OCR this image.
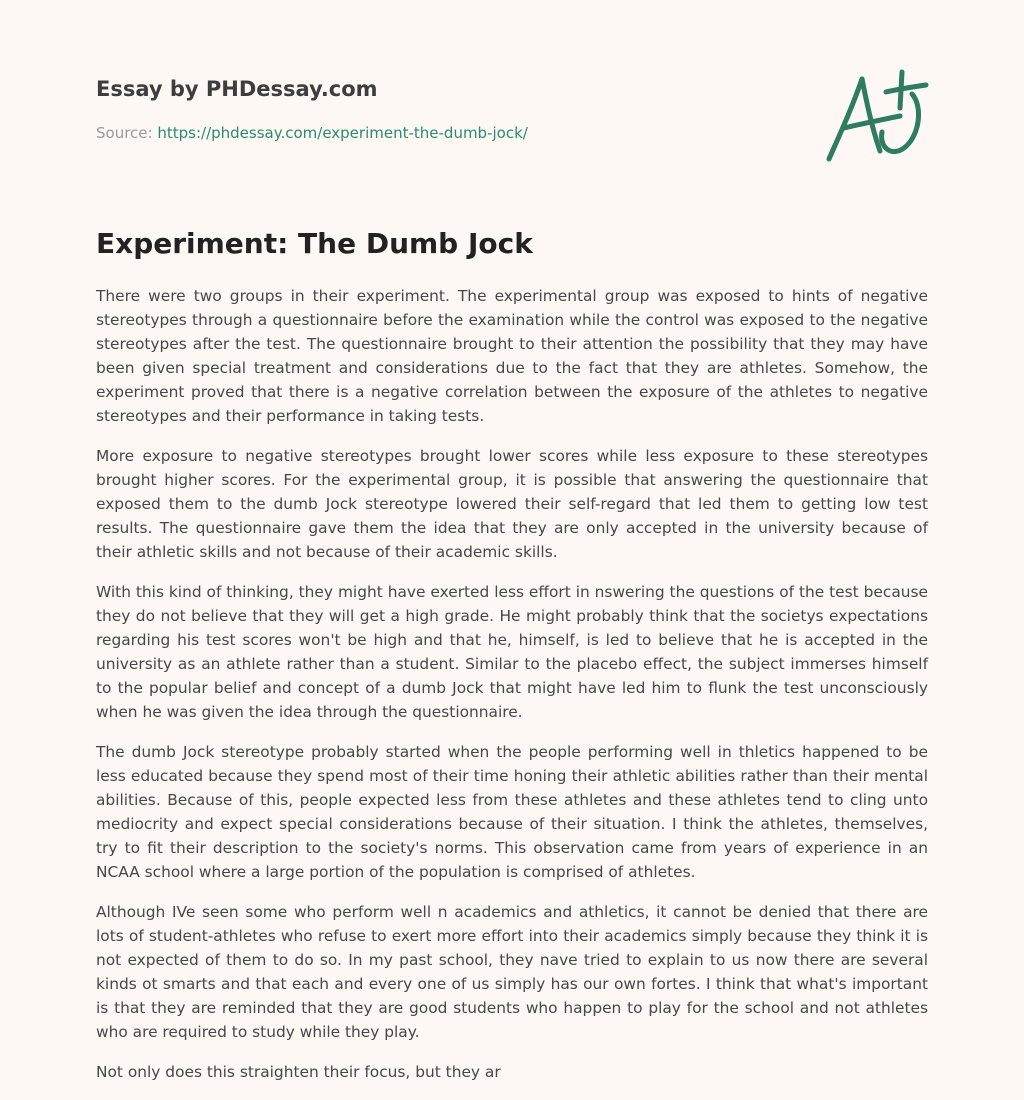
Essay by PHDessay.com
Source: https://phdessay.com/experiment-the-dumb-jock/
Experiment: The Dumb Jock

There were two groups in their experiment. The experimental group was exposed to hints of negative stereotypes through a questionnaire before the examination while the control was exposed to the negative stereotypes after the test. The questionnaire brought to their attention the possibility that they may have been given special treatment and considerations due to the fact that they are athletes. Somehow, the experiment proved that there is a negative correlation between the exposure of the athletes to negative stereotypes and their performance in taking tests.

More exposure to negative stereotypes brought lower scores while less exposure to these stereotypes brought higher scores. For the experimental group, it is possible that answering the questionnaire that exposed them to the dumb Jock stereotype lowered their self-regard that led them to getting low test results. The questionnaire gave them the idea that they are only accepted in the university because of their athletic skills and not because of their academic skills.

With this kind of thinking, they might have exerted less effort in nswering the questions of the test because they do not believe that they will get a high grade. He might probably think that the societys expectations regarding his test scores won't be high and that he, himself, is led to believe that he is accepted in the university as an athlete rather than a student. Similar to the placebo effect, the subject immerses himself to the popular belief and concept of a dumb Jock that might have led him to flunk the test unconsciously when he was given the idea through the questionnaire.

The dumb Jock stereotype probably started when the people performing well in thletics happened to be less educated because they spend most of their time honing their athletic abilities rather than their mental abilities. Because of this, people expected less from these athletes and these athletes tend to cling unto mediocrity and expect special considerations because of their situation. I think the athletes, themselves, try to fit their description to the society's norms. This observation came from years of experience in an NCAA school where a large portion of the population is comprised of athletes.

Although IVe seen some who perform well n academics and athletics, it cannot be denied that there are lots of student-athletes who refuse to exert more effort into their academics simply because they think it is not expected of them to do so. In my past school, they nave tried to explain to us now there are several kinds ot smarts and that each and every one of us simply has our own fortes. I think that what's important is that they are reminded that they are good students who happen to play for the school and not athletes who are required to study while they play.

Not only does this straighten their focus, but they ar
